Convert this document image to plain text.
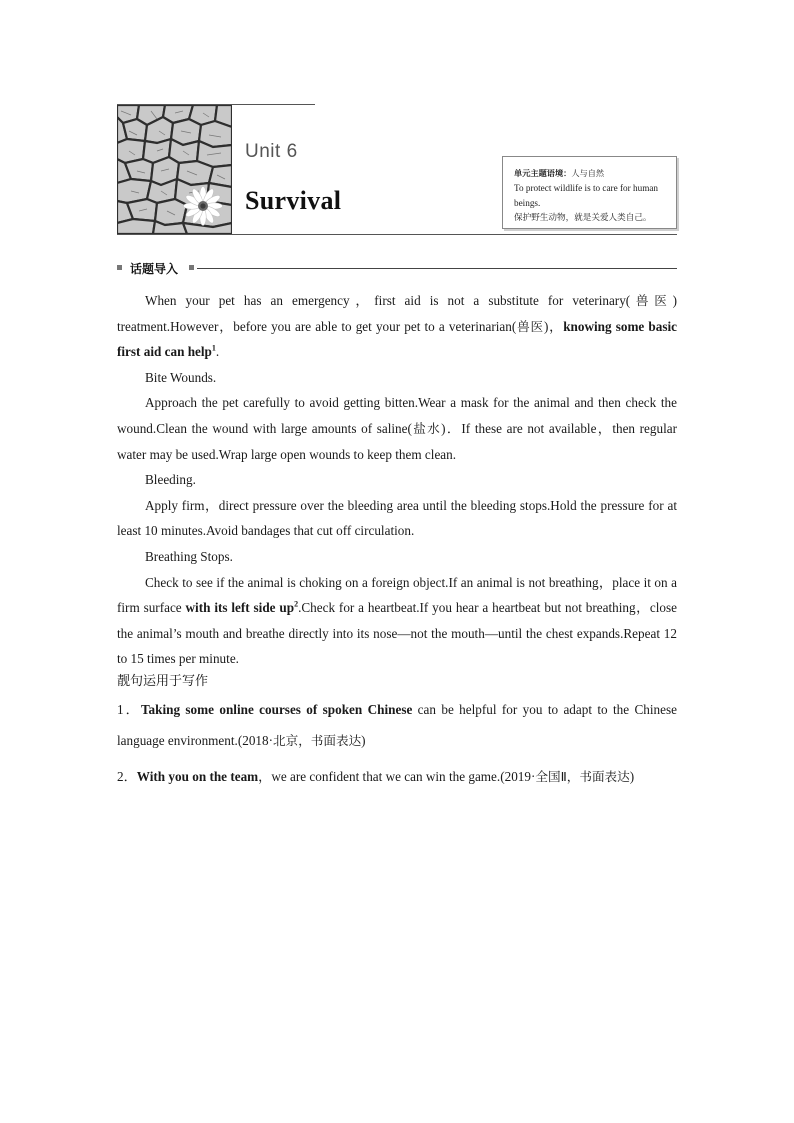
Unit 6
Survival
单元主题语境：人与自然
To protect wildlife is to care for human beings.
保护野生动物，就是关爱人类自己。
话题导入

When your pet has an emergency，first aid is not a substitute for veterinary(兽医) treatment.However，before you are able to get your pet to a veterinarian(兽医)，knowing some basic first aid can help$^1$.

Bite Wounds.

Approach the pet carefully to avoid getting bitten.Wear a mask for the animal and then check the wound.Clean the wound with large amounts of saline(盐水)．If these are not available，then regular water may be used.Wrap large open wounds to keep them clean.

Bleeding.

Apply firm，direct pressure over the bleeding area until the bleeding stops.Hold the pressure for at least 10 minutes.Avoid bandages that cut off circulation.

Breathing Stops.

Check to see if the animal is choking on a foreign object.If an animal is not breathing，place it on a firm surface with its left side $up^2.Check$ for a heartbeat.If you hear a heartbeat but not breathing，close the animal’s mouth and breathe directly into its nose—not the mouth—until the chest expands.Repeat 12 to 15 times per minute.

靓句运用于写作
1．Taking some online courses of spoken Chinese can be helpful for you to adapt to the Chinese language environment.(2018·北京，书面表达)
2．With you on the team，we are confident that we can win the game.(2019·全国Ⅱ，书面表达)
